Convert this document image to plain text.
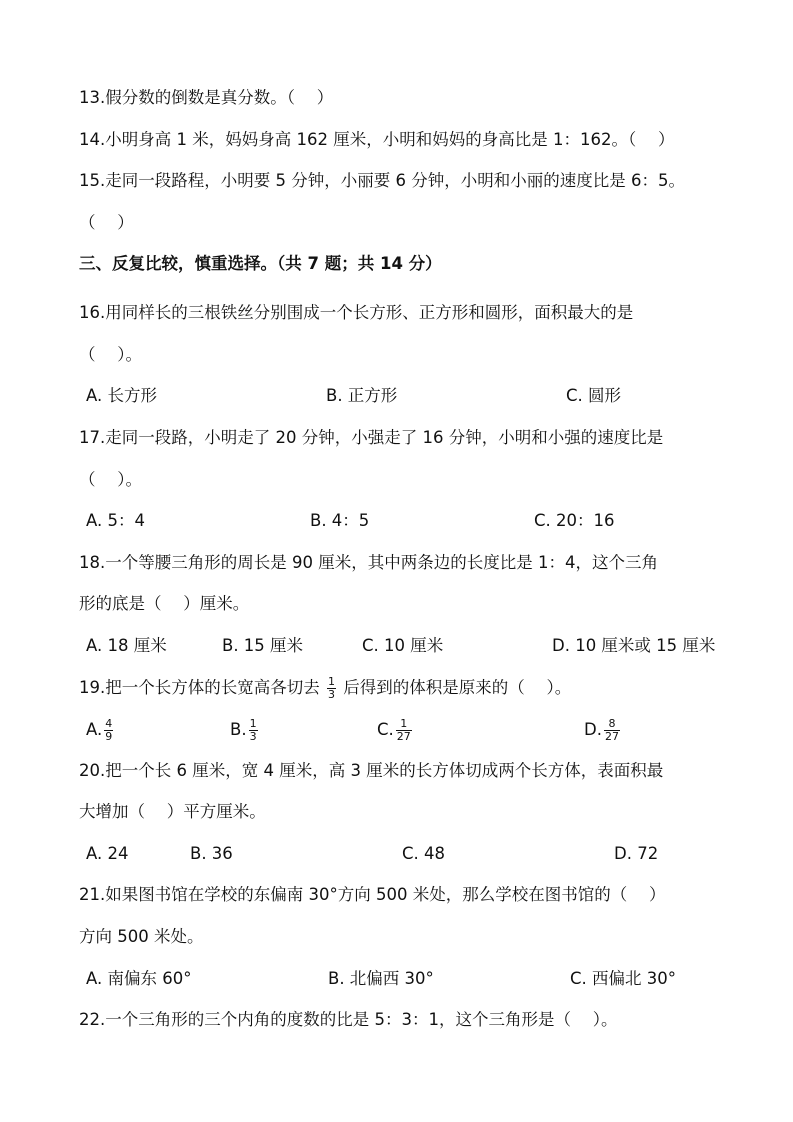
13.假分数的倒数是真分数。（　 ）
14.小明身高 1 米，妈妈身高 162 厘米，小明和妈妈的身高比是 1：162。（　 ）
15.走同一段路程，小明要 5 分钟，小丽要 6 分钟，小明和小丽的速度比是 6：5。
（　 ）
三、反复比较，慎重选择。（共 7 题；共 14 分）
16.用同样长的三根铁丝分别围成一个长方形、正方形和圆形，面积最大的是
（　 ）。
A. 长方形	B. 正方形	C. 圆形
17.走同一段路，小明走了 20 分钟，小强走了 16 分钟，小明和小强的速度比是
（　 ）。
A. 5：4	B. 4：5	C. 20：16
18.一个等腰三角形的周长是 90 厘米，其中两条边的长度比是 1：4，这个三角
形的底是（　 ）厘米。
A. 18 厘米	B. 15 厘米	C. 10 厘米	D. 10 厘米或 15 厘米
19.把一个长方体的长宽高各切去 $\frac{1}{3}$ 后得到的体积是原来的（　 ）。
A. $\frac{4}{9}$	B. $\frac{1}{3}$	C. $\frac{1}{27}$	D. $\frac{8}{27}$
20.把一个长 6 厘米，宽 4 厘米，高 3 厘米的长方体切成两个长方体，表面积最
大增加（　 ）平方厘米。
A. 24	B. 36	C. 48	D. 72
21.如果图书馆在学校的东偏南 30°方向 500 米处，那么学校在图书馆的（　 ）
方向 500 米处。
A. 南偏东 60°	B. 北偏西 30°	C. 西偏北 30°
22.一个三角形的三个内角的度数的比是 5：3：1，这个三角形是（　 ）。
